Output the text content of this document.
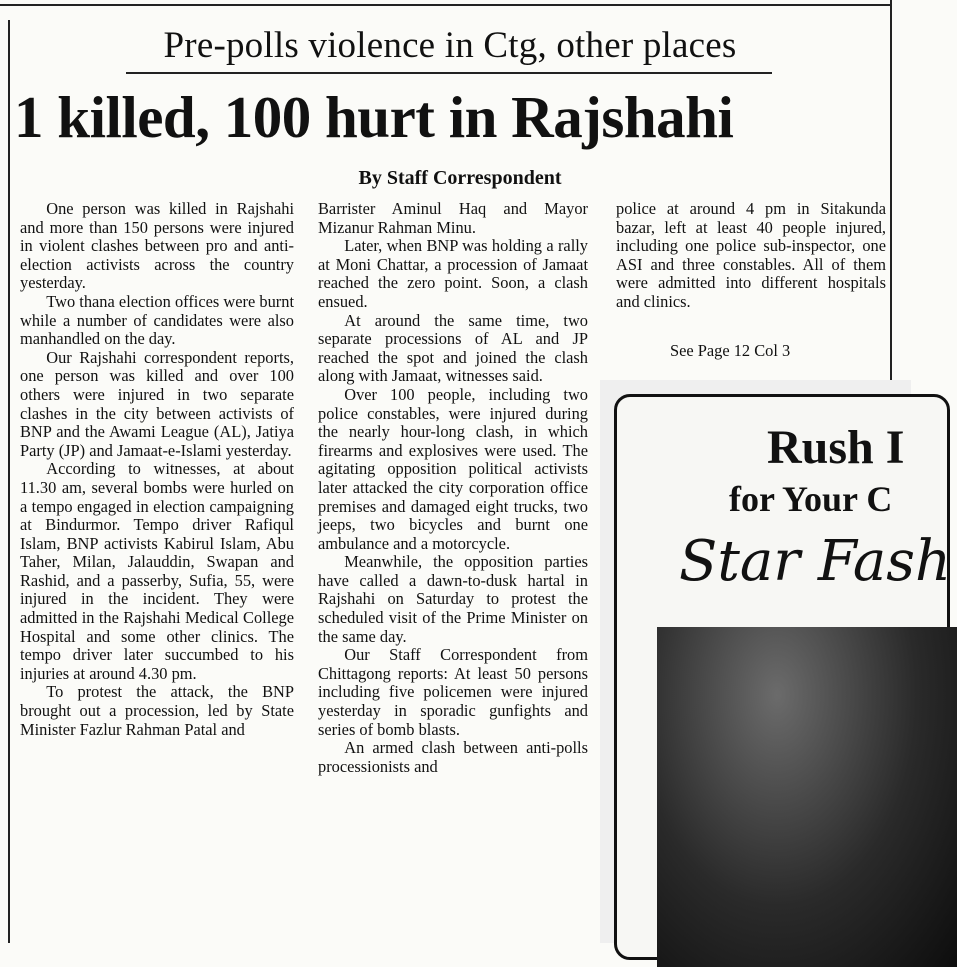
Pre-polls violence in Ctg, other places
1 killed, 100 hurt in Rajshahi
By Staff Correspondent

One person was killed in Rajshahi and more than 150 persons were injured in violent clashes between pro and anti-election activists across the country yesterday.

Two thana election offices were burnt while a number of candidates were also manhandled on the day.

Our Rajshahi correspondent reports, one person was killed and over 100 others were injured in two separate clashes in the city between activists of BNP and the Awami League (AL), Jatiya Party (JP) and Jamaat-e-Islami yesterday.

According to witnesses, at about 11.30 am, several bombs were hurled on a tempo engaged in election campaigning at Bindurmor. Tempo driver Rafiqul Islam, BNP activists Kabirul Islam, Abu Taher, Milan, Jalauddin, Swapan and Rashid, and a passerby, Sufia, 55, were injured in the incident. They were admitted in the Rajshahi Medical College Hospital and some other clinics. The tempo driver later succumbed to his injuries at around 4.30 pm.

To protest the attack, the BNP brought out a procession, led by State Minister Fazlur Rahman Patal and

Barrister Aminul Haq and Mayor Mizanur Rahman Minu.

Later, when BNP was holding a rally at Moni Chattar, a procession of Jamaat reached the zero point. Soon, a clash ensued.

At around the same time, two separate processions of AL and JP reached the spot and joined the clash along with Jamaat, witnesses said.

Over 100 people, including two police constables, were injured during the nearly hour-long clash, in which firearms and explosives were used. The agitating opposition political activists later attacked the city corporation office premises and damaged eight trucks, two jeeps, two bicycles and burnt one ambulance and a motorcycle.

Meanwhile, the opposition parties have called a dawn-to-dusk hartal in Rajshahi on Saturday to protest the scheduled visit of the Prime Minister on the same day.

Our Staff Correspondent from Chittagong reports: At least 50 persons including five policemen were injured yesterday in sporadic gunfights and series of bomb blasts.

An armed clash between anti-polls processionists and

police at around 4 pm in Sitakunda bazar, left at least 40 people injured, including one police sub-inspector, one ASI and three constables. All of them were admitted into different hospitals and clinics.

See Page 12 Col 3
Rush I
for Your C
Star Fash
